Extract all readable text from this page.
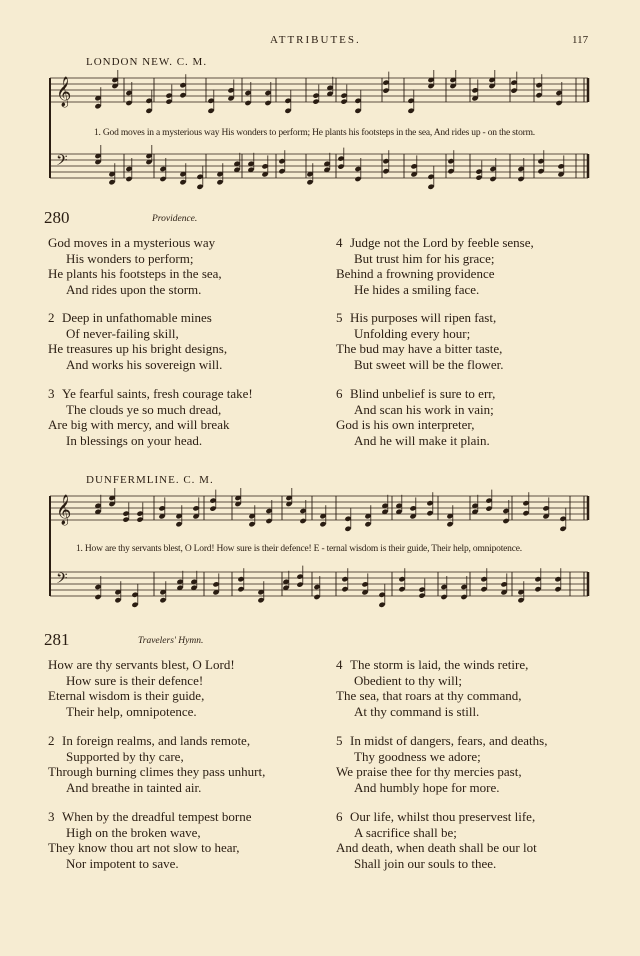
ATTRIBUTES.	117
LONDON NEW. C. M.
𝄞
𝄢
1. God moves in a mysterious way His wonders to perform; He plants his footsteps in the sea, And rides up - on the storm.
280	Providence.
God moves in a mysterious way
His wonders to perform;
He plants his footsteps in the sea,
And rides upon the storm.
2 Deep in unfathomable mines
Of never-failing skill,
He treasures up his bright designs,
And works his sovereign will.
3 Ye fearful saints, fresh courage take!
The clouds ye so much dread,
Are big with mercy, and will break
In blessings on your head.
4 Judge not the Lord by feeble sense,
But trust him for his grace;
Behind a frowning providence
He hides a smiling face.
5 His purposes will ripen fast,
Unfolding every hour;
The bud may have a bitter taste,
But sweet will be the flower.
6 Blind unbelief is sure to err,
And scan his work in vain;
God is his own interpreter,
And he will make it plain.
DUNFERMLINE. C. M.
𝄞
𝄢
1. How are thy servants blest, O Lord! How sure is their defence! E - ternal wisdom is their guide, Their help, omnipotence.
281	Travelers' Hymn.
How are thy servants blest, O Lord!
How sure is their defence!
Eternal wisdom is their guide,
Their help, omnipotence.
2 In foreign realms, and lands remote,
Supported by thy care,
Through burning climes they pass unhurt,
And breathe in tainted air.
3 When by the dreadful tempest borne
High on the broken wave,
They know thou art not slow to hear,
Nor impotent to save.
4 The storm is laid, the winds retire,
Obedient to thy will;
The sea, that roars at thy command,
At thy command is still.
5 In midst of dangers, fears, and deaths,
Thy goodness we adore;
We praise thee for thy mercies past,
And humbly hope for more.
6 Our life, whilst thou preservest life,
A sacrifice shall be;
And death, when death shall be our lot
Shall join our souls to thee.
